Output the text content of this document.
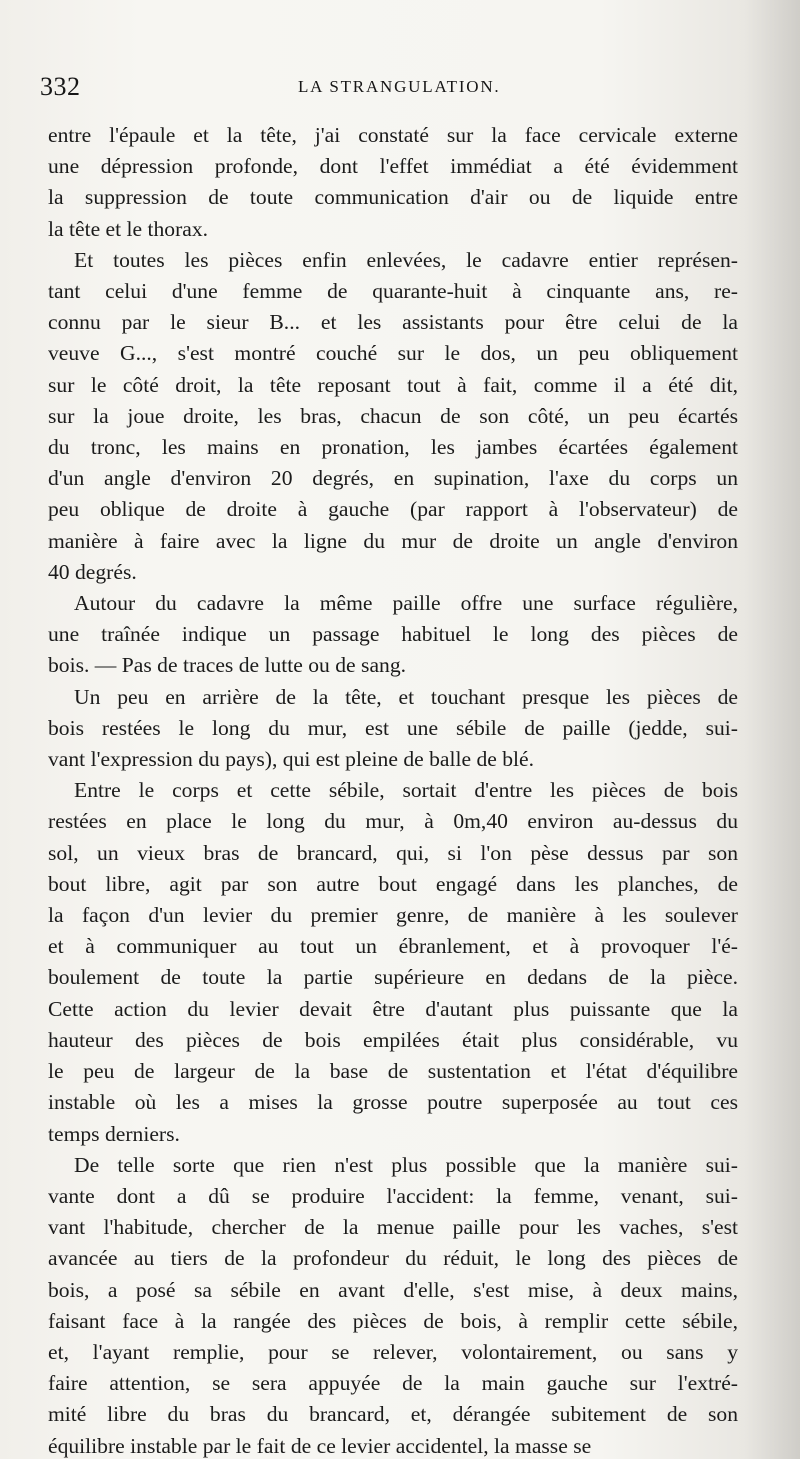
332	LA STRANGULATION.

entre l'épaule et la tête, j'ai constaté sur la face cervicale externe

une dépression profonde, dont l'effet immédiat a été évidemment

la suppression de toute communication d'air ou de liquide entre

la tête et le thorax.

Et toutes les pièces enfin enlevées, le cadavre entier représen-

tant celui d'une femme de quarante-huit à cinquante ans, re-

connu par le sieur B... et les assistants pour être celui de la

veuve G..., s'est montré couché sur le dos, un peu obliquement

sur le côté droit, la tête reposant tout à fait, comme il a été dit,

sur la joue droite, les bras, chacun de son côté, un peu écartés

du tronc, les mains en pronation, les jambes écartées également

d'un angle d'environ 20 degrés, en supination, l'axe du corps un

peu oblique de droite à gauche (par rapport à l'observateur) de

manière à faire avec la ligne du mur de droite un angle d'environ

40 degrés.

Autour du cadavre la même paille offre une surface régulière,

une traînée indique un passage habituel le long des pièces de

bois. — Pas de traces de lutte ou de sang.

Un peu en arrière de la tête, et touchant presque les pièces de

bois restées le long du mur, est une sébile de paille (jedde, sui-

vant l'expression du pays), qui est pleine de balle de blé.

Entre le corps et cette sébile, sortait d'entre les pièces de bois

restées en place le long du mur, à 0m,40 environ au-dessus du

sol, un vieux bras de brancard, qui, si l'on pèse dessus par son

bout libre, agit par son autre bout engagé dans les planches, de

la façon d'un levier du premier genre, de manière à les soulever

et à communiquer au tout un ébranlement, et à provoquer l'é-

boulement de toute la partie supérieure en dedans de la pièce.

Cette action du levier devait être d'autant plus puissante que la

hauteur des pièces de bois empilées était plus considérable, vu

le peu de largeur de la base de sustentation et l'état d'équilibre

instable où les a mises la grosse poutre superposée au tout ces

temps derniers.

De telle sorte que rien n'est plus possible que la manière sui-

vante dont a dû se produire l'accident: la femme, venant, sui-

vant l'habitude, chercher de la menue paille pour les vaches, s'est

avancée au tiers de la profondeur du réduit, le long des pièces de

bois, a posé sa sébile en avant d'elle, s'est mise, à deux mains,

faisant face à la rangée des pièces de bois, à remplir cette sébile,

et, l'ayant remplie, pour se relever, volontairement, ou sans y

faire attention, se sera appuyée de la main gauche sur l'extré-

mité libre du bras du brancard, et, dérangée subitement de son

équilibre instable par le fait de ce levier accidentel, la masse se
